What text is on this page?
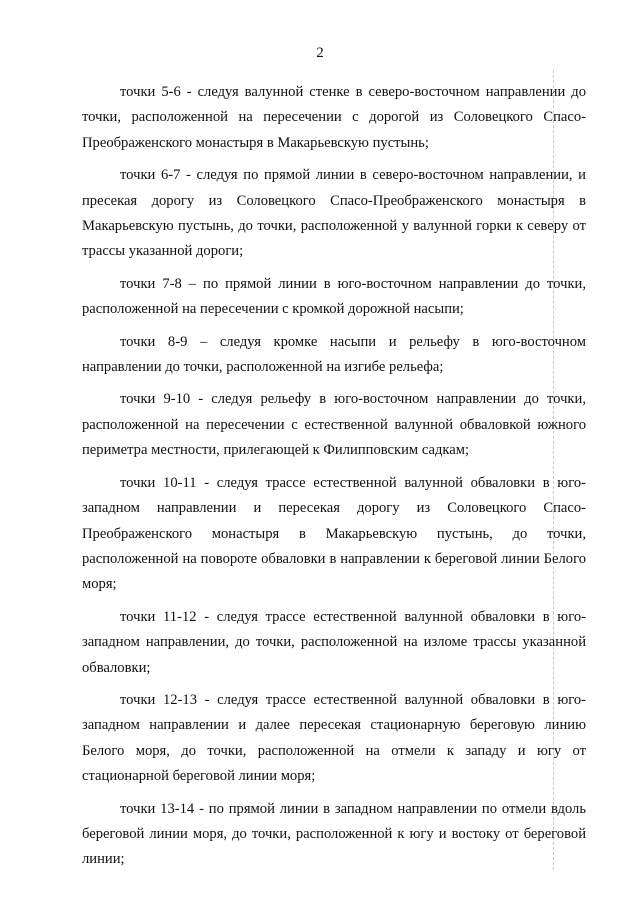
2

точки 5-6 - следуя валунной стенке в северо-восточном направлении до точки, расположенной на пересечении с дорогой из Соловецкого Спасо-Преображенского монастыря в Макарьевскую пустынь;

точки 6-7 - следуя по прямой линии в северо-восточном направлении, и пресекая дорогу из Соловецкого Спасо-Преображенского монастыря в Макарьевскую пустынь, до точки, расположенной у валунной горки к северу от трассы указанной дороги;

точки 7-8 – по прямой линии в юго-восточном направлении до точки, расположенной на пересечении с кромкой дорожной насыпи;

точки 8-9 – следуя кромке насыпи и рельефу в юго-восточном направлении до точки, расположенной на изгибе рельефа;

точки 9-10 - следуя рельефу в юго-восточном направлении до точки, расположенной на пересечении с естественной валунной обваловкой южного периметра местности, прилегающей к Филипповским садкам;

точки 10-11 - следуя трассе естественной валунной обваловки в юго-западном направлении и пересекая дорогу из Соловецкого Спасо-Преображенского монастыря в Макарьевскую пустынь, до точки, расположенной на повороте обваловки в направлении к береговой линии Белого моря;

точки 11-12 - следуя трассе естественной валунной обваловки в юго-западном направлении, до точки, расположенной на изломе трассы указанной обваловки;

точки 12-13 - следуя трассе естественной валунной обваловки в юго-западном направлении и далее пересекая стационарную береговую линию Белого моря, до точки, расположенной на отмели к западу и югу от стационарной береговой линии моря;

точки 13-14 - по прямой линии в западном направлении по отмели вдоль береговой линии моря, до точки, расположенной к югу и востоку от береговой линии;
